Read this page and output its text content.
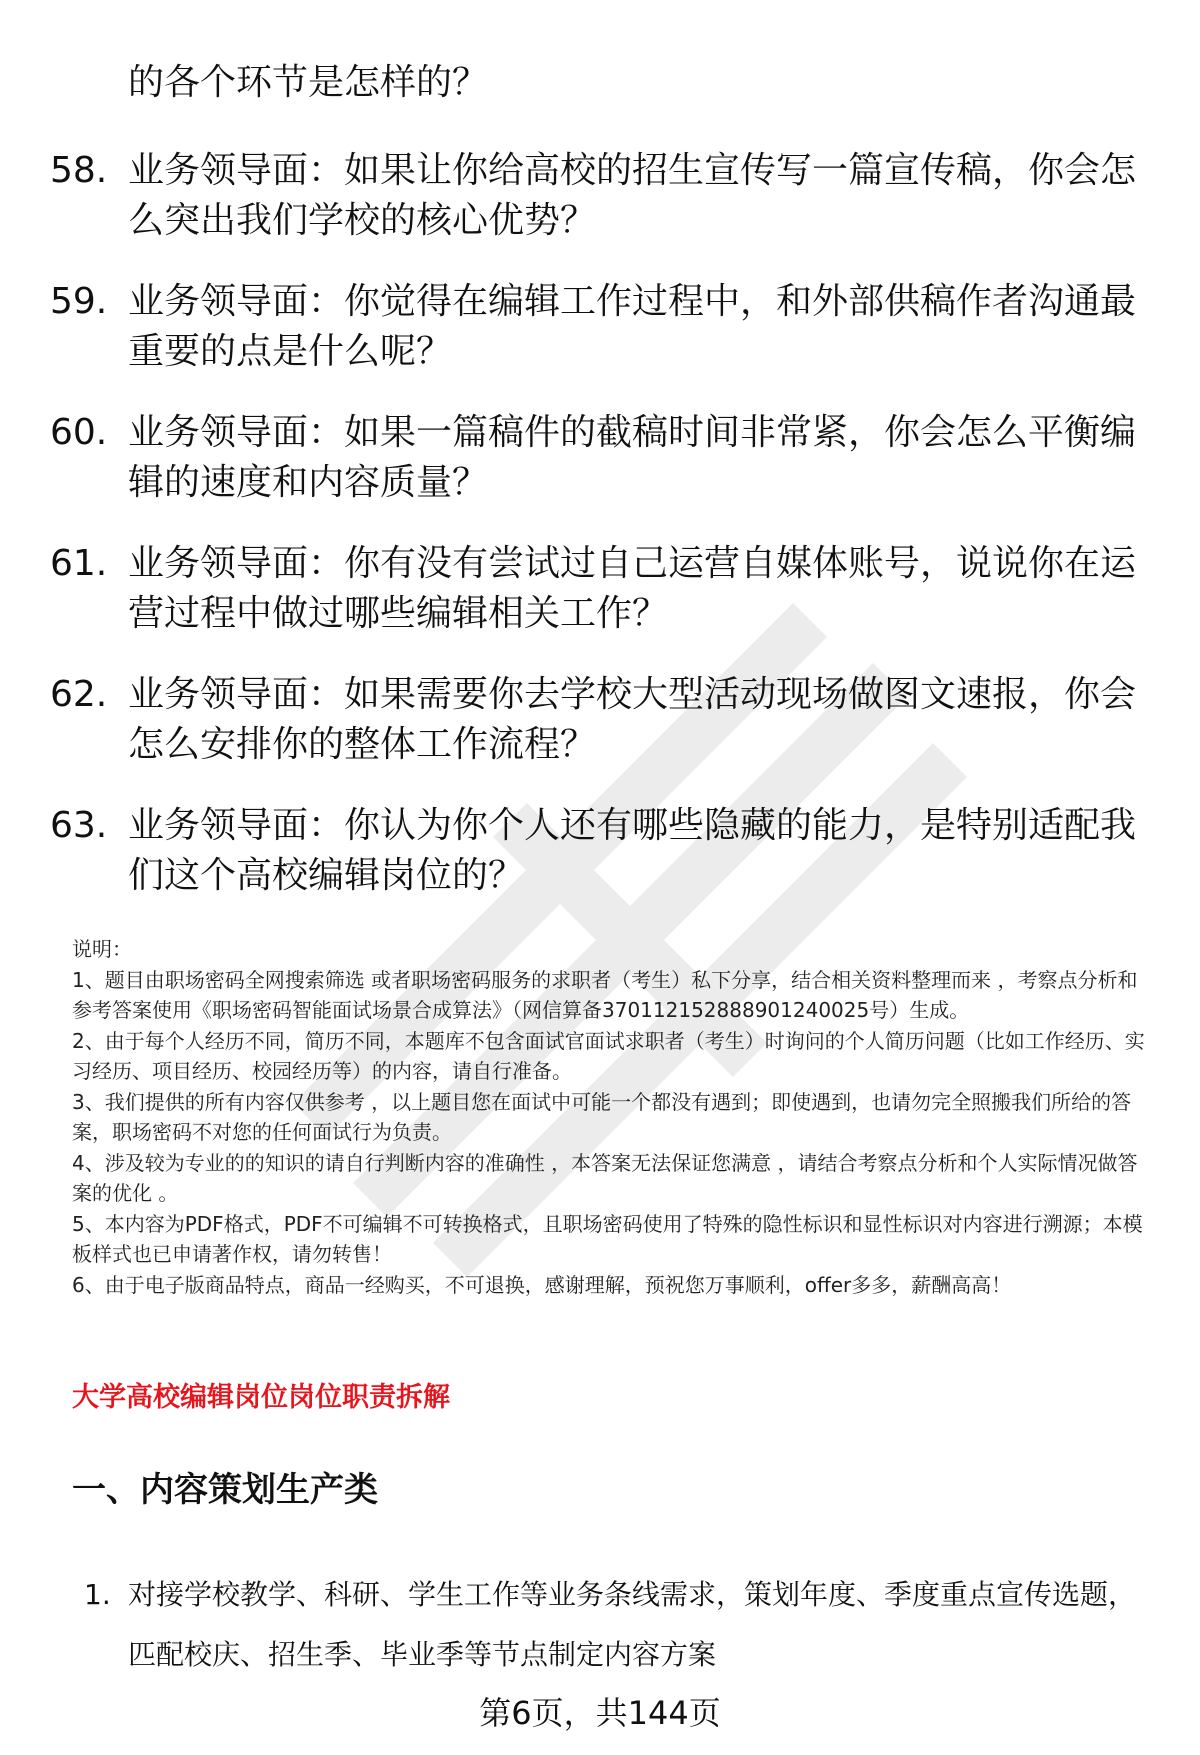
的各个环节是怎样的？
58. 业务领导面：如果让你给高校的招生宣传写一篇宣传稿，你会怎么突出我们学校的核心优势？
59. 业务领导面：你觉得在编辑工作过程中，和外部供稿作者沟通最重要的点是什么呢？
60. 业务领导面：如果一篇稿件的截稿时间非常紧，你会怎么平衡编辑的速度和内容质量？
61. 业务领导面：你有没有尝试过自己运营自媒体账号，说说你在运营过程中做过哪些编辑相关工作？
62. 业务领导面：如果需要你去学校大型活动现场做图文速报，你会怎么安排你的整体工作流程？
63. 业务领导面：你认为你个人还有哪些隐藏的能力，是特别适配我们这个高校编辑岗位的？

说明：

1、题目由职场密码全网搜索筛选 或者职场密码服务的求职者（考生）私下分享，结合相关资料整理而来 ，考察点分析和参考答案使用《职场密码智能面试场景合成算法》（网信算备370112152888901240025号）生成。

2、由于每个人经历不同，简历不同，本题库不包含面试官面试求职者（考生）时询问的个人简历问题（比如工作经历、实习经历、项目经历、校园经历等）的内容，请自行准备。

3、我们提供的所有内容仅供参考 ，以上题目您在面试中可能一个都没有遇到；即使遇到，也请勿完全照搬我们所给的答案，职场密码不对您的任何面试行为负责。

4、涉及较为专业的的知识的请自行判断内容的准确性 ，本答案无法保证您满意 ，请结合考察点分析和个人实际情况做答案的优化 。

5、本内容为PDF格式，PDF不可编辑不可转换格式，且职场密码使用了特殊的隐性标识和显性标识对内容进行溯源；本模板样式也已申请著作权，请勿转售！

6、由于电子版商品特点，商品一经购买，不可退换，感谢理解，预祝您万事顺利，offer多多，薪酬高高！

大学高校编辑岗位岗位职责拆解
一、内容策划生产类
1. 对接学校教学、科研、学生工作等业务条线需求，策划年度、季度重点宣传选题，匹配校庆、招生季、毕业季等节点制定内容方案
第6页，共144页
